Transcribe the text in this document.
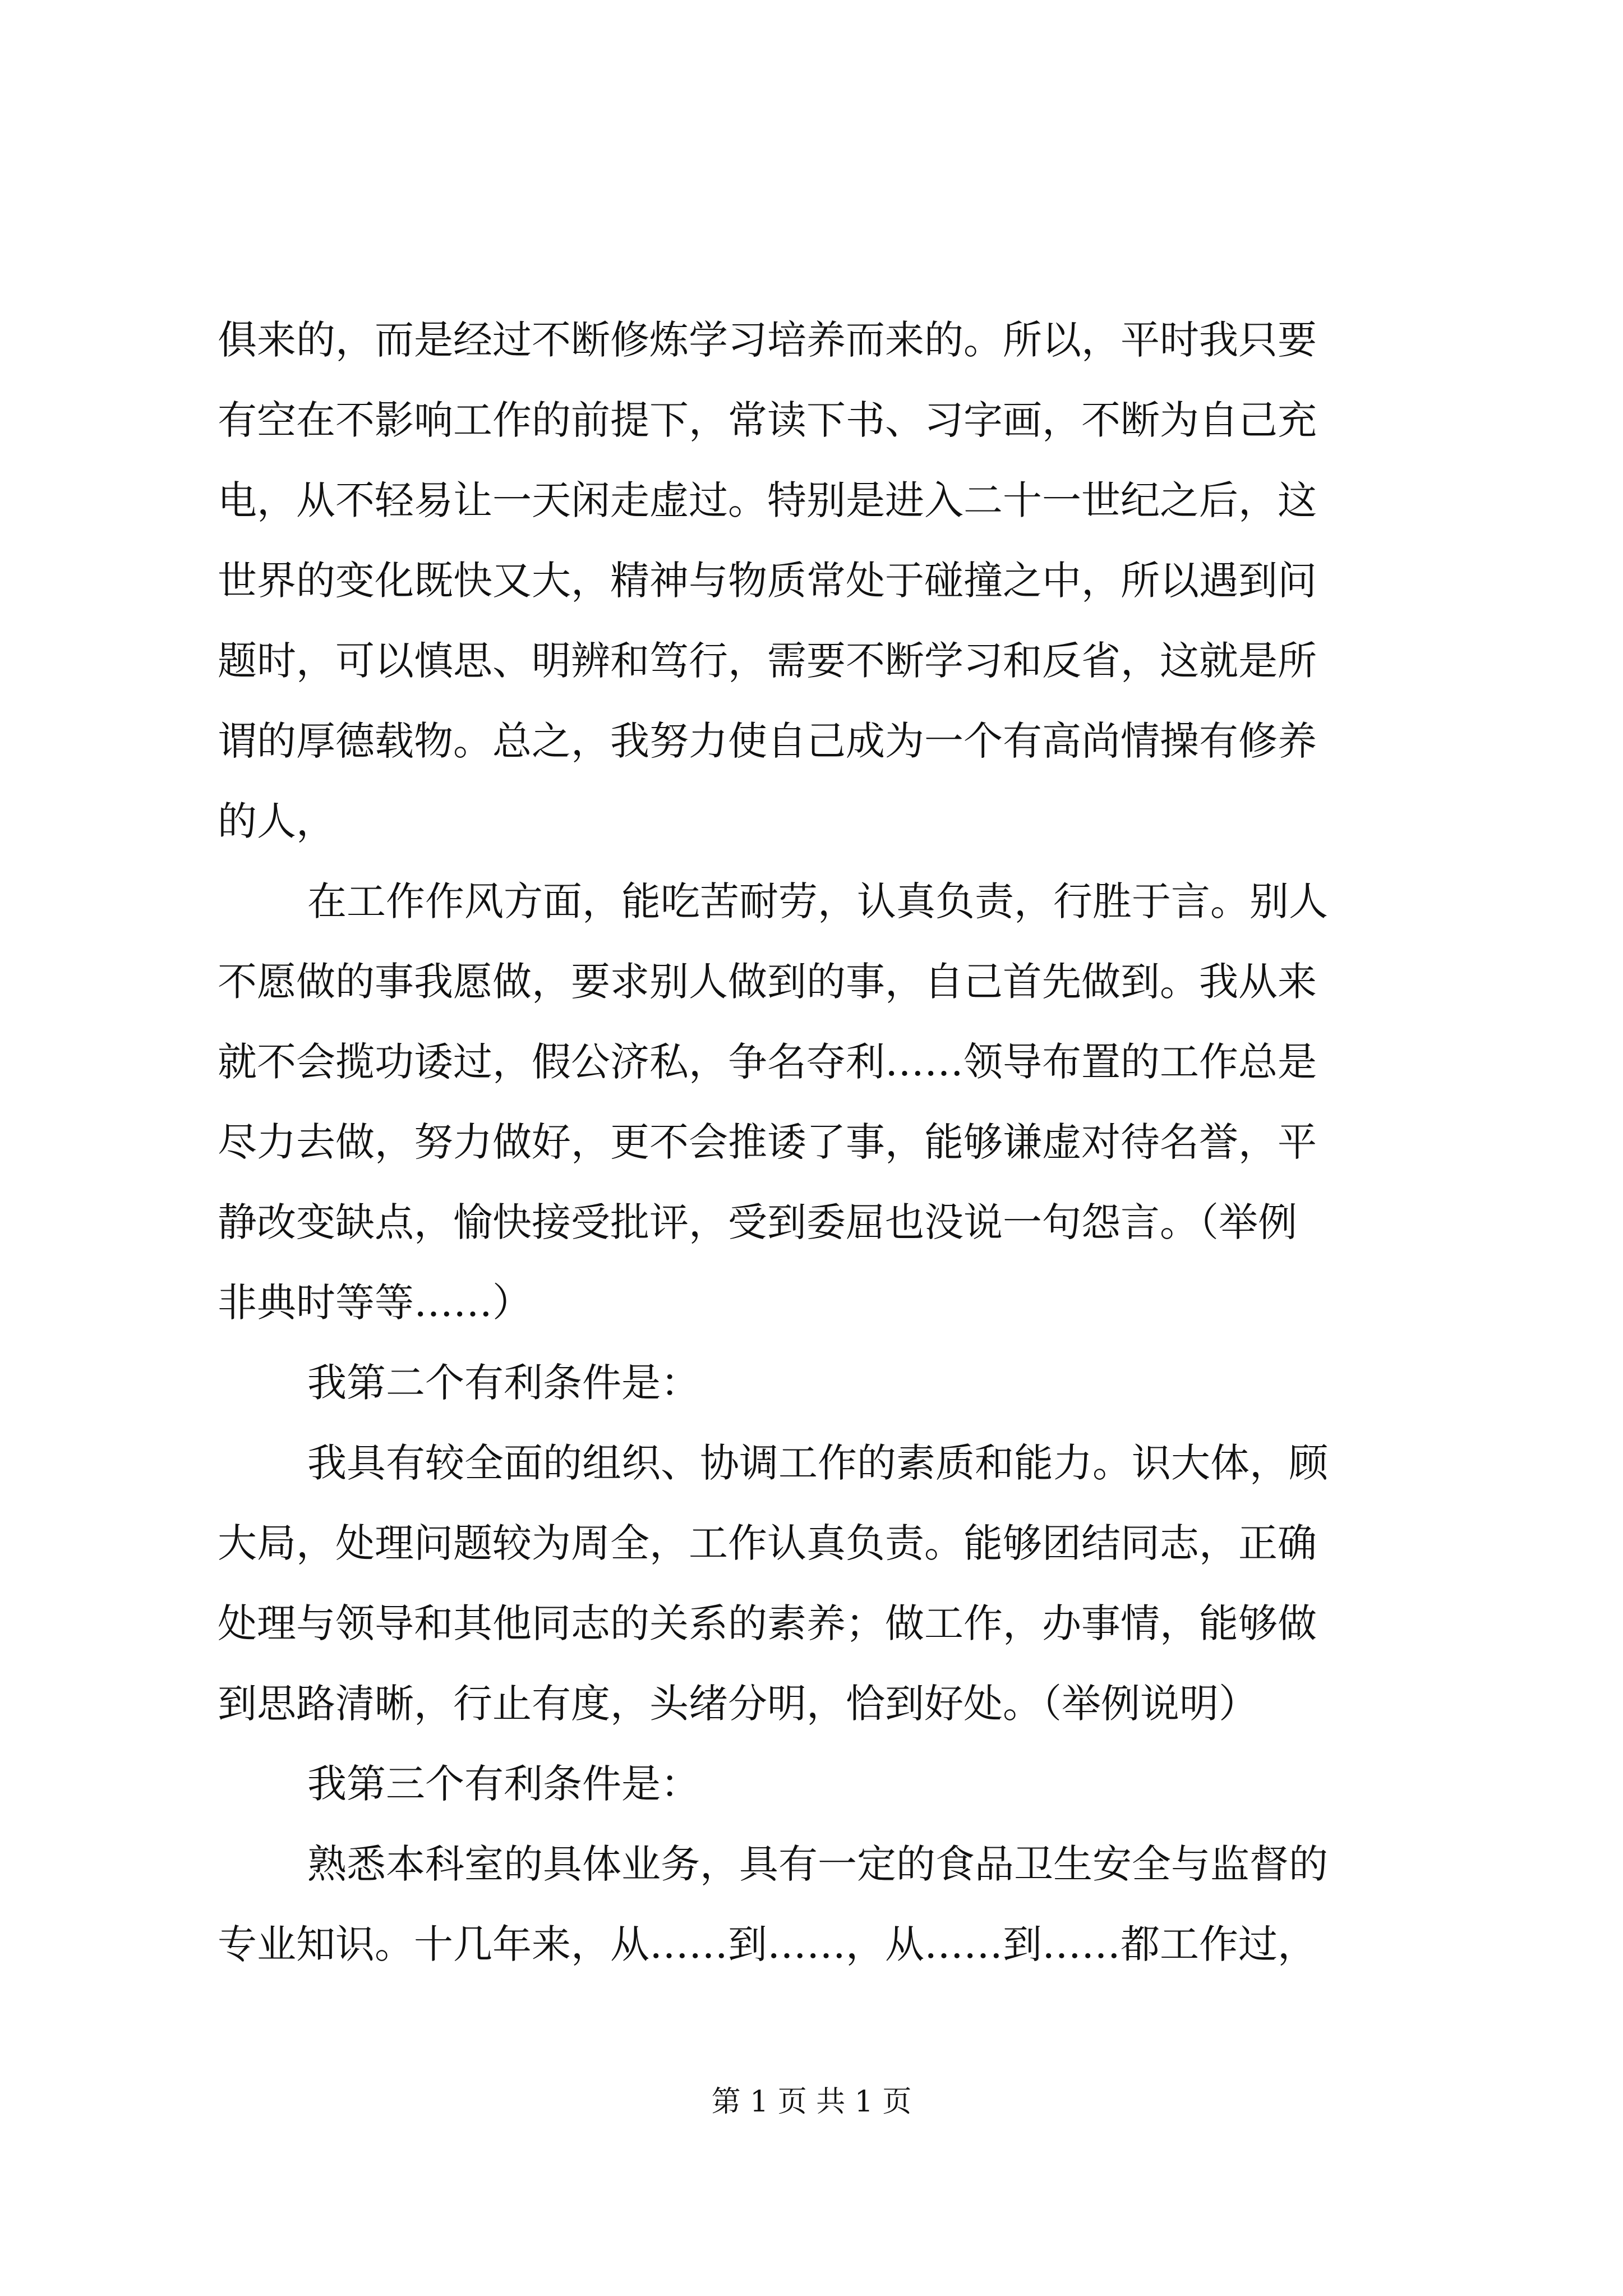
俱来的，而是经过不断修炼学习培养而来的。所以，平时我只要
有空在不影响工作的前提下，常读下书、习字画，不断为自己充
电，从不轻易让一天闲走虚过。特别是进入二十一世纪之后，这
世界的变化既快又大，精神与物质常处于碰撞之中，所以遇到问
题时，可以慎思、明辨和笃行，需要不断学习和反省，这就是所
谓的厚德载物。总之，我努力使自己成为一个有高尚情操有修养
的人，
在工作作风方面，能吃苦耐劳，认真负责，行胜于言。别人
不愿做的事我愿做，要求别人做到的事，自己首先做到。我从来
就不会揽功诿过，假公济私，争名夺利……领导布置的工作总是
尽力去做，努力做好，更不会推诿了事，能够谦虚对待名誉，平
静改变缺点，愉快接受批评，受到委屈也没说一句怨言。（举例
非典时等等……）
我第二个有利条件是：
我具有较全面的组织、协调工作的素质和能力。识大体，顾
大局，处理问题较为周全，工作认真负责。能够团结同志，正确
处理与领导和其他同志的关系的素养；做工作，办事情，能够做
到思路清晰，行止有度，头绪分明，恰到好处。（举例说明）
我第三个有利条件是：
熟悉本科室的具体业务，具有一定的食品卫生安全与监督的
专业知识。十几年来，从……到……，从……到……都工作过，
第 1 页 共 1 页
